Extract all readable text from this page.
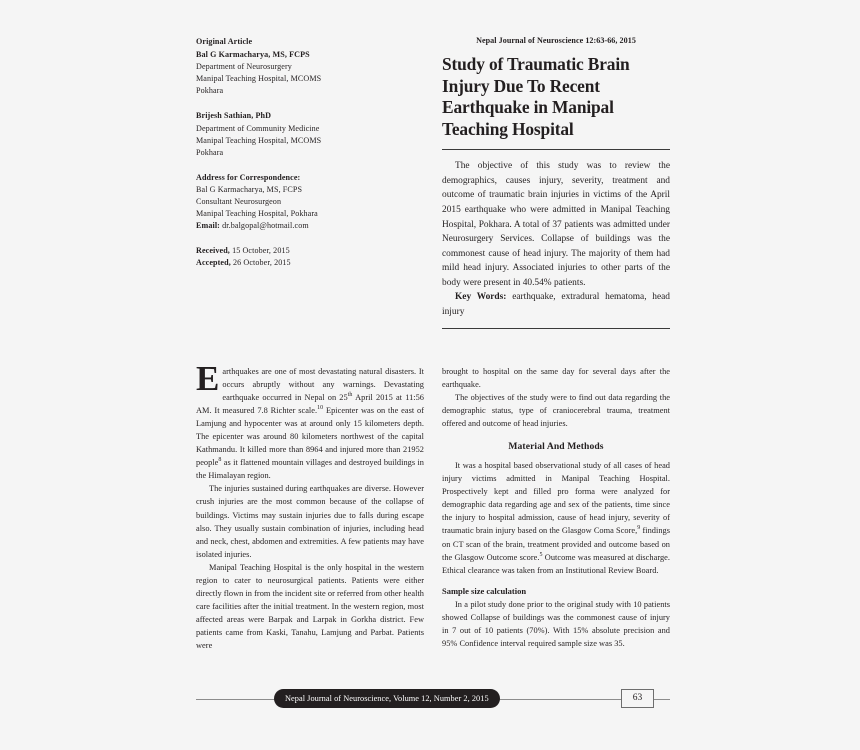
Original Article
Bal G Karmacharya, MS, FCPS
Department of Neurosurgery
Manipal Teaching Hospital, MCOMS
Pokhara
Brijesh Sathian, PhD
Department of Community Medicine
Manipal Teaching Hospital, MCOMS
Pokhara
Address for Correspondence:
Bal G Karmacharya, MS, FCPS
Consultant Neurosurgeon
Manipal Teaching Hospital, Pokhara
Email: dr.balgopal@hotmail.com
Received, 15 October, 2015
Accepted, 26 October, 2015
Nepal Journal of Neuroscience 12:63-66, 2015
Study of Traumatic Brain Injury Due To Recent Earthquake in Manipal Teaching Hospital

The objective of this study was to review the demographics, causes injury, severity, treatment and outcome of traumatic brain injuries in victims of the April 2015 earthquake who were admitted in Manipal Teaching Hospital, Pokhara. A total of 37 patients was admitted under Neurosurgery Services. Collapse of buildings was the commonest cause of head injury. The majority of them had mild head injury. Associated injuries to other parts of the body were present in 40.54% patients.

Key Words: earthquake, extradural hematoma, head injury

Earthquakes are one of most devastating natural disasters. It occurs abruptly without any warnings. Devastating earthquake occurred in Nepal on 25th April 2015 at 11:56 AM. It measured 7.8 Richter scale.$^{10}$ Epicenter was on the east of Lamjung and hypocenter was at around only 15 kilometers depth. The epicenter was around 80 kilometers northwest of the capital Kathmandu. It killed more than 8964 and injured more than 21952 people$^8$ as it flattened mountain villages and destroyed buildings in the Himalayan region.

The injuries sustained during earthquakes are diverse. However crush injuries are the most common because of the collapse of buildings. Victims may sustain injuries due to falls during escape also. They usually sustain combination of injuries, including head and neck, chest, abdomen and extremities. A few patients may have isolated injuries.

Manipal Teaching Hospital is the only hospital in the western region to cater to neurosurgical patients. Patients were either directly flown in from the incident site or referred from other health care facilities after the initial treatment. In the western region, most affected areas were Barpak and Larpak in Gorkha district. Few patients came from Kaski, Tanahu, Lamjung and Parbat. Patients were

brought to hospital on the same day for several days after the earthquake.

The objectives of the study were to find out data regarding the demographic status, type of craniocerebral trauma, treatment offered and outcome of head injuries.

Material And Methods

It was a hospital based observational study of all cases of head injury victims admitted in Manipal Teaching Hospital. Prospectively kept and filled pro forma were analyzed for demographic data regarding age and sex of the patients, time since the injury to hospital admission, cause of head injury, severity of traumatic brain injury based on the Glasgow Coma Score,$^9$ findings on CT scan of the brain, treatment provided and outcome based on the Glasgow Outcome score.$^5$ Outcome was measured at discharge. Ethical clearance was taken from an Institutional Review Board.

Sample size calculation

In a pilot study done prior to the original study with 10 patients showed Collapse of buildings was the commonest cause of injury in 7 out of 10 patients (70%). With 15% absolute precision and 95% Confidence interval required sample size was 35.

Nepal Journal of Neuroscience, Volume 12, Number 2, 2015	63
